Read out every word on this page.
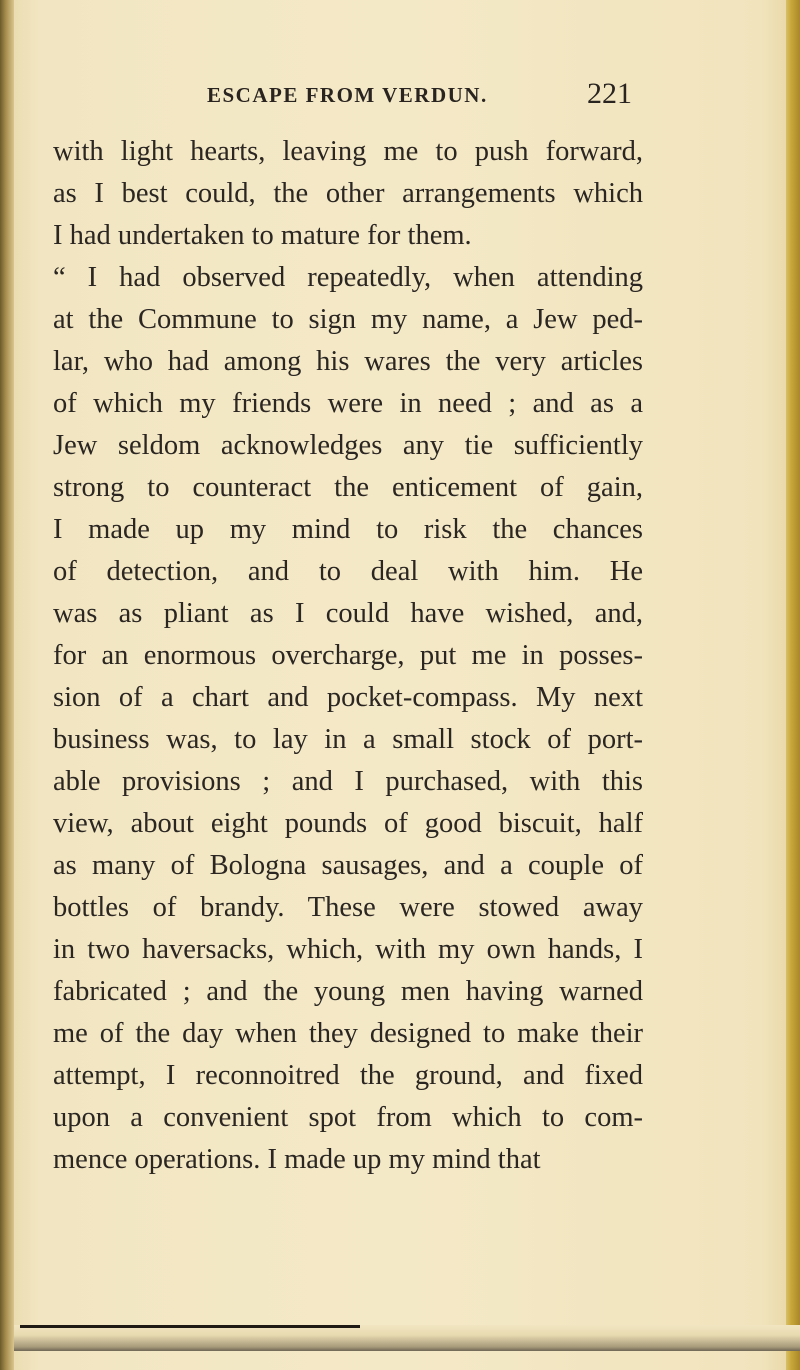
ESCAPE FROM VERDUN.	221
with light hearts, leaving me to push forward,
as I best could, the other arrangements which
I had undertaken to mature for them.
“ I had observed repeatedly, when attending
at the Commune to sign my name, a Jew ped-
lar, who had among his wares the very articles
of which my friends were in need ; and as a
Jew seldom acknowledges any tie sufficiently
strong to counteract the enticement of gain,
I made up my mind to risk the chances
of detection, and to deal with him. He
was as pliant as I could have wished, and,
for an enormous overcharge, put me in posses-
sion of a chart and pocket-compass. My next
business was, to lay in a small stock of port-
able provisions ; and I purchased, with this
view, about eight pounds of good biscuit, half
as many of Bologna sausages, and a couple of
bottles of brandy. These were stowed away
in two haversacks, which, with my own hands, I
fabricated ; and the young men having warned
me of the day when they designed to make their
attempt, I reconnoitred the ground, and fixed
upon a convenient spot from which to com-
mence operations. I made up my mind that
